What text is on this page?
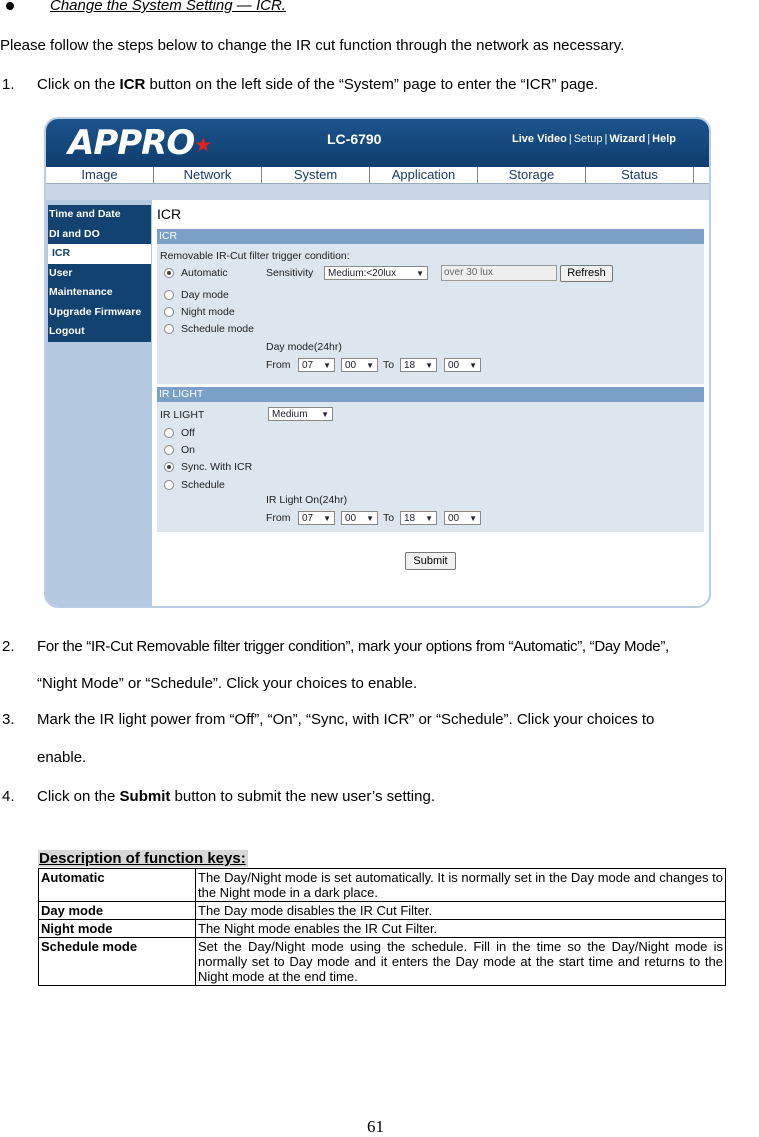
Change the System Setting — ICR.
Please follow the steps below to change the IR cut function through the network as necessary.
1. Click on the ICR button on the left side of the “System” page to enter the “ICR” page.
APPRO★	LC-6790	Live Video | Setup | Wizard | Help
Image	Network	System	Application	Storage	Status
Time and Date
DI and DO
ICR
User
Maintenance
Upgrade Firmware
Logout
ICR
ICR
Removable IR-Cut filter trigger condition:
Automatic
Day mode
Night mode
Schedule mode
Sensitivity	Medium:<20lux ▼	over 30 lux	Refresh
Day mode(24hr)
From	07 ▼	00 ▼ To 18 ▼	00 ▼
IR LIGHT
IR LIGHT	Medium ▼
Off
On
Sync. With ICR
Schedule
IR Light On(24hr)
From	07 ▼	00 ▼ To 18 ▼	00 ▼
Submit
2. For the “IR-Cut Removable filter trigger condition”, mark your options from “Automatic”, “Day Mode”,
“Night Mode” or “Schedule”. Click your choices to enable.
3. Mark the IR light power from “Off”, “On”, “Sync, with ICR” or “Schedule”. Click your choices to
enable.
4. Click on the Submit button to submit the new user’s setting.
Description of function keys:
Automatic	The Day/Night mode is set automatically. It is normally set in the Day mode and changes to the Night mode in a dark place.
Day mode	The Day mode disables the IR Cut Filter.
Night mode	The Night mode enables the IR Cut Filter.
Schedule mode	Set the Day/Night mode using the schedule. Fill in the time so the Day/Night mode is normally set to Day mode and it enters the Day mode at the start time and returns to the Night mode at the end time.
61
